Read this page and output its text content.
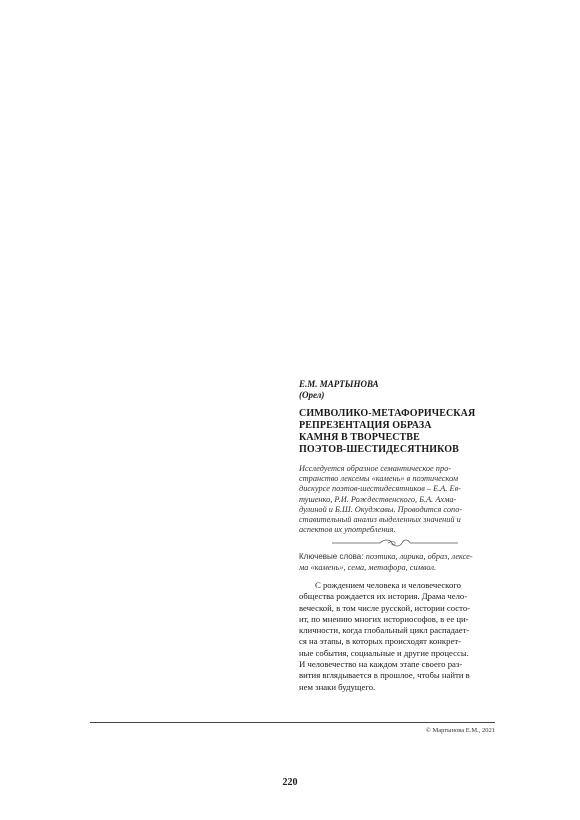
Е.М. МАРТЫНОВА
(Орел)
СИМВОЛИКО-МЕТАФОРИЧЕСКАЯ
РЕПРЕЗЕНТАЦИЯ ОБРАЗА
КАМНЯ В ТВОРЧЕСТВЕ
ПОЭТОВ-ШЕСТИДЕСЯТНИКОВ
Исследуется образное семантическое про-
странство лексемы «камень» в поэтическом
дискурсе поэтов-шестидесятников – Е.А. Ев-
тушенко, Р.И. Рождественского, Б.А. Ахма-
дулиной и Б.Ш. Окуджавы. Проводится сопо-
ставительный анализ выделенных значений и
аспектов их употребления.
Ключевые слова: поэтика, лирика, образ, лексе-
ма «камень», сема, метафора, символ.
С рождением человека и человеческого
общества рождается их история. Драма чело-
веческой, в том числе русской, истории состо-
ит, по мнению многих историософов, в ее ци-
кличности, когда глобальный цикл распадает-
ся на этапы, в которых происходят конкрет-
ные события, социальные и другие процессы.
И человечество на каждом этапе своего раз-
вития вглядывается в прошлое, чтобы найти в
нем знаки будущего.
© Мартынова Е.М., 2021
220
